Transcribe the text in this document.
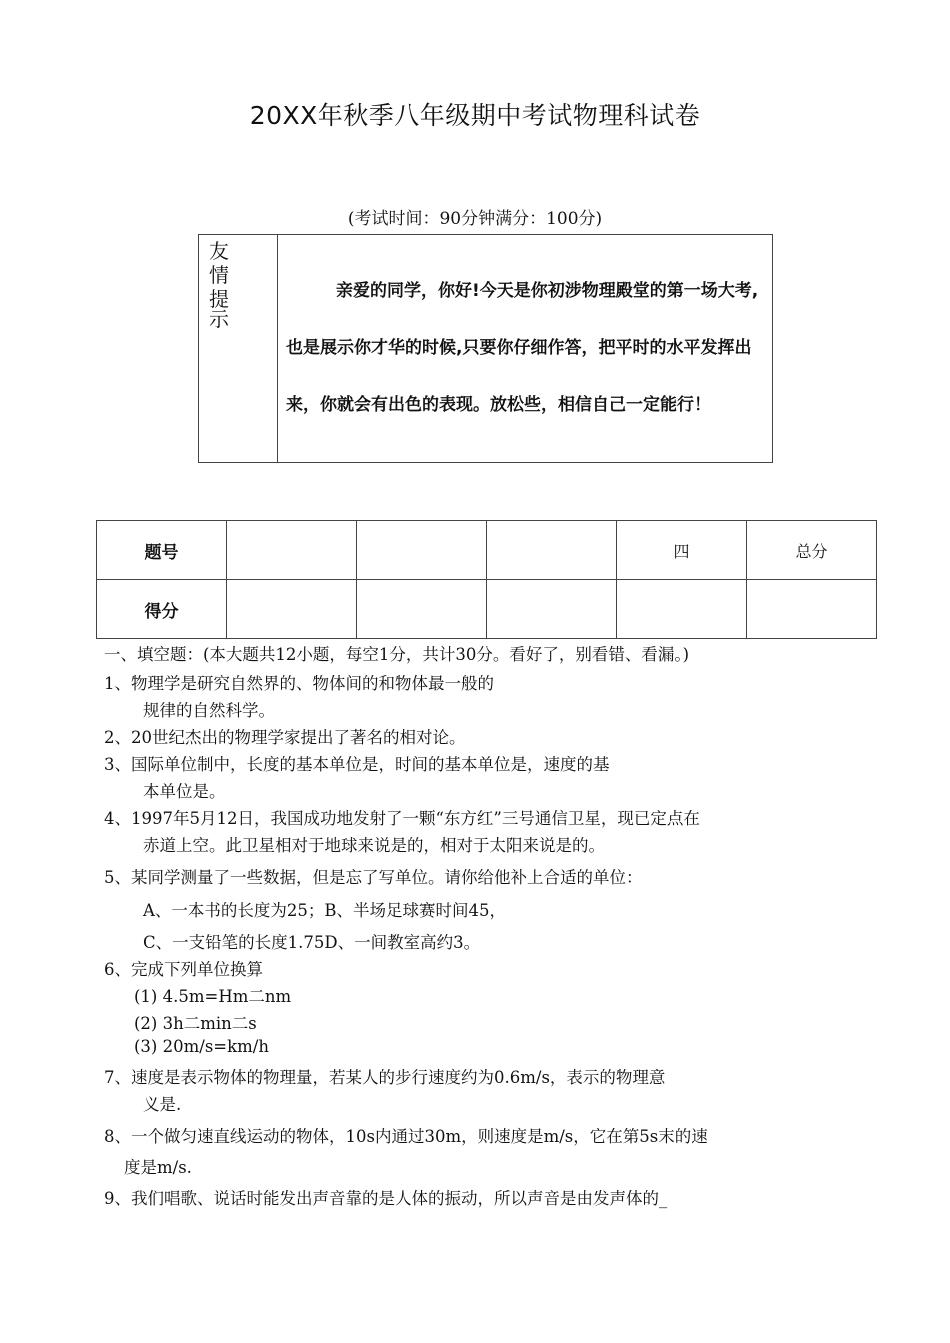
20XX年秋季八年级期中考试物理科试卷
(考试时间：90分钟满分：100分)
友
情
提
示
亲爱的同学，你好!今天是你初涉物理殿堂的第一场大考,也是展示你才华的时候,只要你仔细作答，把平时的水平发挥出来，你就会有出色的表现。放松些，相信自己一定能行！
题号				四	总分
得分					
一、填空题：(本大题共12小题，每空1分，共计30分。看好了，别看错、看漏。)
1、物理学是研究自然界的、物体间的和物体最一般的
规律的自然科学。
2、20世纪杰出的物理学家提出了著名的相对论。
3、国际单位制中，长度的基本单位是，时间的基本单位是，速度的基
本单位是。
4、1997年5月12日，我国成功地发射了一颗“东方红”三号通信卫星，现已定点在
赤道上空。此卫星相对于地球来说是的，相对于太阳来说是的。
5、某同学测量了一些数据，但是忘了写单位。请你给他补上合适的单位：
A、一本书的长度为25；B、半场足球赛时间45，
C、一支铅笔的长度1.75D、一间教室高约3。
6、完成下列单位换算
(1) 4.5m=Hm二nm
(2) 3h二min二s
(3) 20m/s=km/h
7、速度是表示物体的物理量，若某人的步行速度约为0.6m/s，表示的物理意
义是.
8、一个做匀速直线运动的物体，10s内通过30m，则速度是m/s，它在第5s末的速
度是m/s.
9、我们唱歌、说话时能发出声音靠的是人体的振动，所以声音是由发声体的_
